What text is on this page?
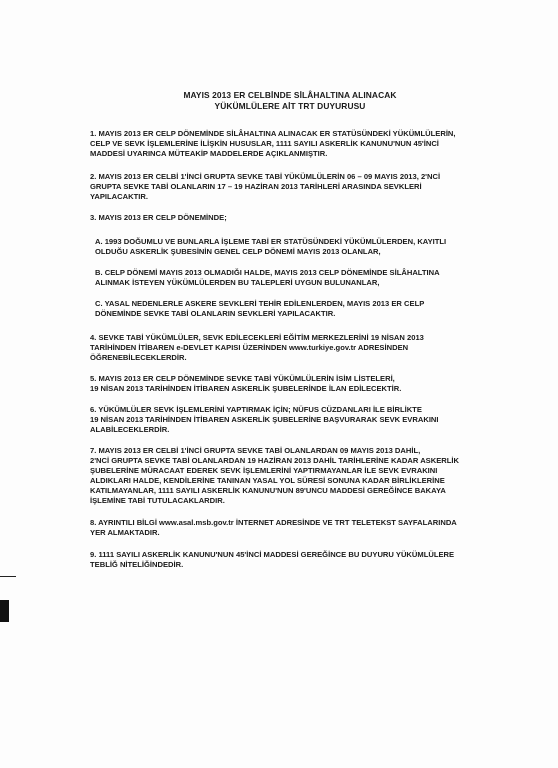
MAYIS 2013 ER CELBİNDE SİLÂHALTINA ALINACAK
YÜKÜMLÜLERE AİT TRT DUYURUSU
1. MAYIS 2013 ER CELP DÖNEMİNDE SİLÂHALTINA ALINACAK ER STATÜSÜNDEKİ YÜKÜMLÜLERİN,
CELP VE SEVK İŞLEMLERİNE İLİŞKİN HUSUSLAR, 1111 SAYILI ASKERLİK KANUNU'NUN 45'İNCİ
MADDESİ UYARINCA MÜTEAKİP MADDELERDE AÇIKLANMIŞTIR.
2. MAYIS 2013 ER CELBİ 1'İNCİ GRUPTA SEVKE TABİ YÜKÜMLÜLERİN 06 – 09 MAYIS 2013, 2'NCİ
GRUPTA SEVKE TABİ OLANLARIN 17 – 19 HAZİRAN 2013 TARİHLERİ ARASINDA SEVKLERİ
YAPILACAKTIR.
3. MAYIS 2013 ER CELP DÖNEMİNDE;
A. 1993 DOĞUMLU VE BUNLARLA İŞLEME TABİ ER STATÜSÜNDEKİ YÜKÜMLÜLERDEN, KAYITLI
OLDUĞU ASKERLİK ŞUBESİNİN GENEL CELP DÖNEMİ MAYIS 2013 OLANLAR,
B. CELP DÖNEMİ MAYIS 2013 OLMADIĞI HALDE, MAYIS 2013 CELP DÖNEMİNDE SİLÂHALTINA
ALINMAK İSTEYEN YÜKÜMLÜLERDEN BU TALEPLERİ UYGUN BULUNANLAR,
C. YASAL NEDENLERLE ASKERE SEVKLERİ TEHİR EDİLENLERDEN, MAYIS 2013 ER CELP
DÖNEMİNDE SEVKE TABİ OLANLARIN SEVKLERİ YAPILACAKTIR.
4. SEVKE TABİ YÜKÜMLÜLER, SEVK EDİLECEKLERİ EĞİTİM MERKEZLERİNİ 19 NİSAN 2013
TARİHİNDEN İTİBAREN e-DEVLET KAPISI ÜZERİNDEN www.turkiye.gov.tr ADRESİNDEN
ÖĞRENEBİLECEKLERDİR.
5. MAYIS 2013 ER CELP DÖNEMİNDE SEVKE TABİ YÜKÜMLÜLERİN İSİM LİSTELERİ,
19 NİSAN 2013 TARİHİNDEN İTİBAREN ASKERLİK ŞUBELERİNDE İLAN EDİLECEKTİR.
6. YÜKÜMLÜLER SEVK İŞLEMLERİNİ YAPTIRMAK İÇİN; NÜFUS CÜZDANLARI İLE BİRLİKTE
19 NİSAN 2013 TARİHİNDEN İTİBAREN ASKERLİK ŞUBELERİNE BAŞVURARAK SEVK EVRAKINI
ALABİLECEKLERDİR.
7. MAYIS 2013 ER CELBİ 1'İNCİ GRUPTA SEVKE TABİ OLANLARDAN 09 MAYIS 2013 DAHİL,
2'NCİ GRUPTA SEVKE TABİ OLANLARDAN 19 HAZİRAN 2013 DAHİL TARİHLERİNE KADAR ASKERLİK
ŞUBELERİNE MÜRACAAT EDEREK SEVK İŞLEMLERİNİ YAPTIRMAYANLAR İLE SEVK EVRAKINI
ALDIKLARI HALDE, KENDİLERİNE TANINAN YASAL YOL SÜRESİ SONUNA KADAR BİRLİKLERİNE
KATILMAYANLAR, 1111 SAYILI ASKERLİK KANUNU'NUN 89'UNCU MADDESİ GEREĞİNCE BAKAYA
İŞLEMİNE TABİ TUTULACAKLARDIR.
8. AYRINTILI BİLGİ www.asal.msb.gov.tr İNTERNET ADRESİNDE VE TRT TELETEKST SAYFALARINDA
YER ALMAKTADIR.
9. 1111 SAYILI ASKERLİK KANUNU'NUN 45'İNCİ MADDESİ GEREĞİNCE BU DUYURU YÜKÜMLÜLERE
TEBLİĞ NİTELİĞİNDEDİR.
